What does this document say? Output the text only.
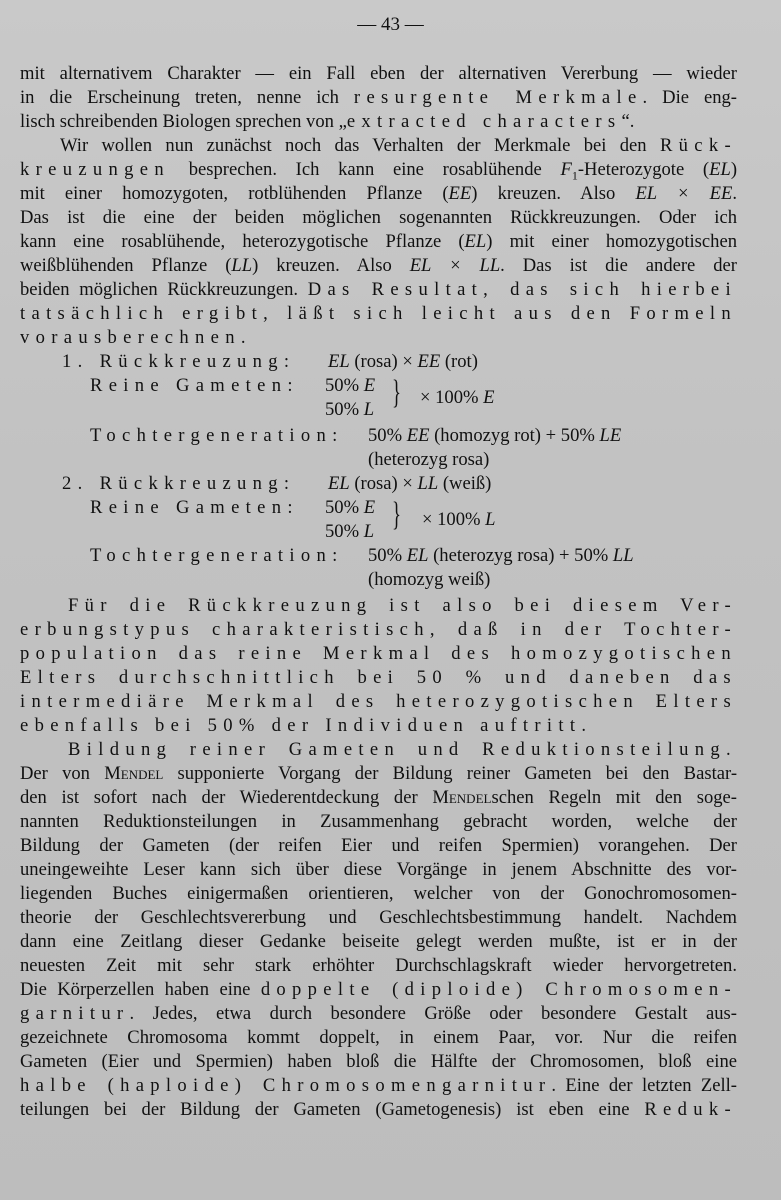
— 43 —
mit alternativem Charakter — ein Fall eben der alternativen Vererbung — wieder
in die Erscheinung treten, nenne ich resurgente Merkmale. Die eng-
lisch schreibenden Biologen sprechen von „extracted characters“.
Wir wollen nun zunächst noch das Verhalten der Merkmale bei den Rück-
kreuzungen besprechen. Ich kann eine rosablühende $F_1$-Heterozygote (EL)
mit einer homozygoten, rotblühenden Pflanze (EE) kreuzen. Also EL × EE.
Das ist die eine der beiden möglichen sogenannten Rückkreuzungen. Oder ich
kann eine rosablühende, heterozygotische Pflanze (EL) mit einer homozygotischen
weißblühenden Pflanze (LL) kreuzen. Also EL × LL. Das ist die andere der
beiden möglichen Rückkreuzungen. Das Resultat, das sich hierbei
tatsächlich ergibt, läßt sich leicht aus den Formeln
vorausberechnen.
1. Rückkreuzung: EL (rosa) × EE (rot)
Reine Gameten: 50% E
50% L } × 100% E
Tochtergeneration: 50% EE (homozyg rot) + 50% LE
(heterozyg rosa)
2. Rückkreuzung: EL (rosa) × LL (weiß)
Reine Gameten: 50% E
50% L } × 100% L
Tochtergeneration: 50% EL (heterozyg rosa) + 50% LL
(homozyg weiß)
Für die Rückkreuzung ist also bei diesem Ver-
erbungstypus charakteristisch, daß in der Tochter-
population das reine Merkmal des homozygotischen
Elters durchschnittlich bei 50 % und daneben das
intermediäre Merkmal des heterozygotischen Elters
ebenfalls bei 50% der Individuen auftritt.
Bildung reiner Gameten und Reduktionsteilung.
Der von Mendel supponierte Vorgang der Bildung reiner Gameten bei den Bastar-
den ist sofort nach der Wiederentdeckung der Mendelschen Regeln mit den soge-
nannten Reduktionsteilungen in Zusammenhang gebracht worden, welche der
Bildung der Gameten (der reifen Eier und reifen Spermien) vorangehen. Der
uneingeweihte Leser kann sich über diese Vorgänge in jenem Abschnitte des vor-
liegenden Buches einigermaßen orientieren, welcher von der Gonochromosomen-
theorie der Geschlechtsvererbung und Geschlechtsbestimmung handelt. Nachdem
dann eine Zeitlang dieser Gedanke beiseite gelegt werden mußte, ist er in der
neuesten Zeit mit sehr stark erhöhter Durchschlagskraft wieder hervorgetreten.
Die Körperzellen haben eine doppelte (diploide) Chromosomen-
garnitur. Jedes, etwa durch besondere Größe oder besondere Gestalt aus-
gezeichnete Chromosoma kommt doppelt, in einem Paar, vor. Nur die reifen
Gameten (Eier und Spermien) haben bloß die Hälfte der Chromosomen, bloß eine
halbe (haploide) Chromosomengarnitur. Eine der letzten Zell-
teilungen bei der Bildung der Gameten (Gametogenesis) ist eben eine Reduk-
